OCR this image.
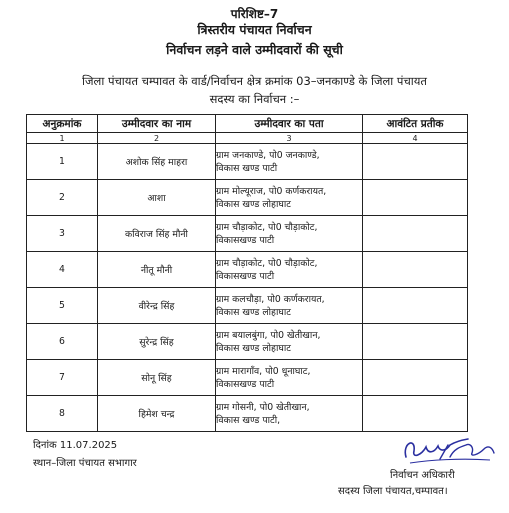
परिशिष्ट–7
त्रिस्तरीय पंचायत निर्वाचन
निर्वाचन लड़ने वाले उम्मीदवारों की सूची
जिला पंचायत चम्पावत के वार्ड/निर्वाचन क्षेत्र क्रमांक 03–जनकाण्डे के जिला पंचायत
सदस्य का निर्वाचन :–
अनुक्रमांक	उम्मीदवार का नाम	उम्मीदवार का पता	आवंटित प्रतीक
1	2	3	4
1	अशोक सिंह माहरा	ग्राम जनकाण्डे, पो0 जनकाण्डे,
विकास खण्ड पाटी	

2	आशा	ग्राम मोल्यूराज, पो0 कर्णकरायत,
विकास खण्ड लोहाघाट	

3	कविराज सिंह मौनी	ग्राम चौड़ाकोट, पो0 चौड़ाकोट,
विकासखण्ड पाटी	

4	नीतू मौनी	ग्राम चौड़ाकोट, पो0 चौड़ाकोट,
विकासखण्ड पाटी	

5	वीरेन्द्र सिंह	ग्राम कलचौड़ा, पो0 कर्णकरायत,
विकास खण्ड लोहाघाट	

6	सुरेन्द्र सिंह	ग्राम बयालबुंगा, पो0 खेतीखान,
विकास खण्ड लोहाघाट	

7	सोनू सिंह	ग्राम मारागाँव, पो0 धूनाघाट,
विकासखण्ड पाटी	

8	हिमेश चन्द्र	ग्राम गोसनी, पो0 खेतीखान,
विकास खण्ड पाटी,	

दिनांक 11.07.2025
स्थान–जिला पंचायत सभागार
निर्वाचन अधिकारी
सदस्य जिला पंचायत,चम्पावत।
